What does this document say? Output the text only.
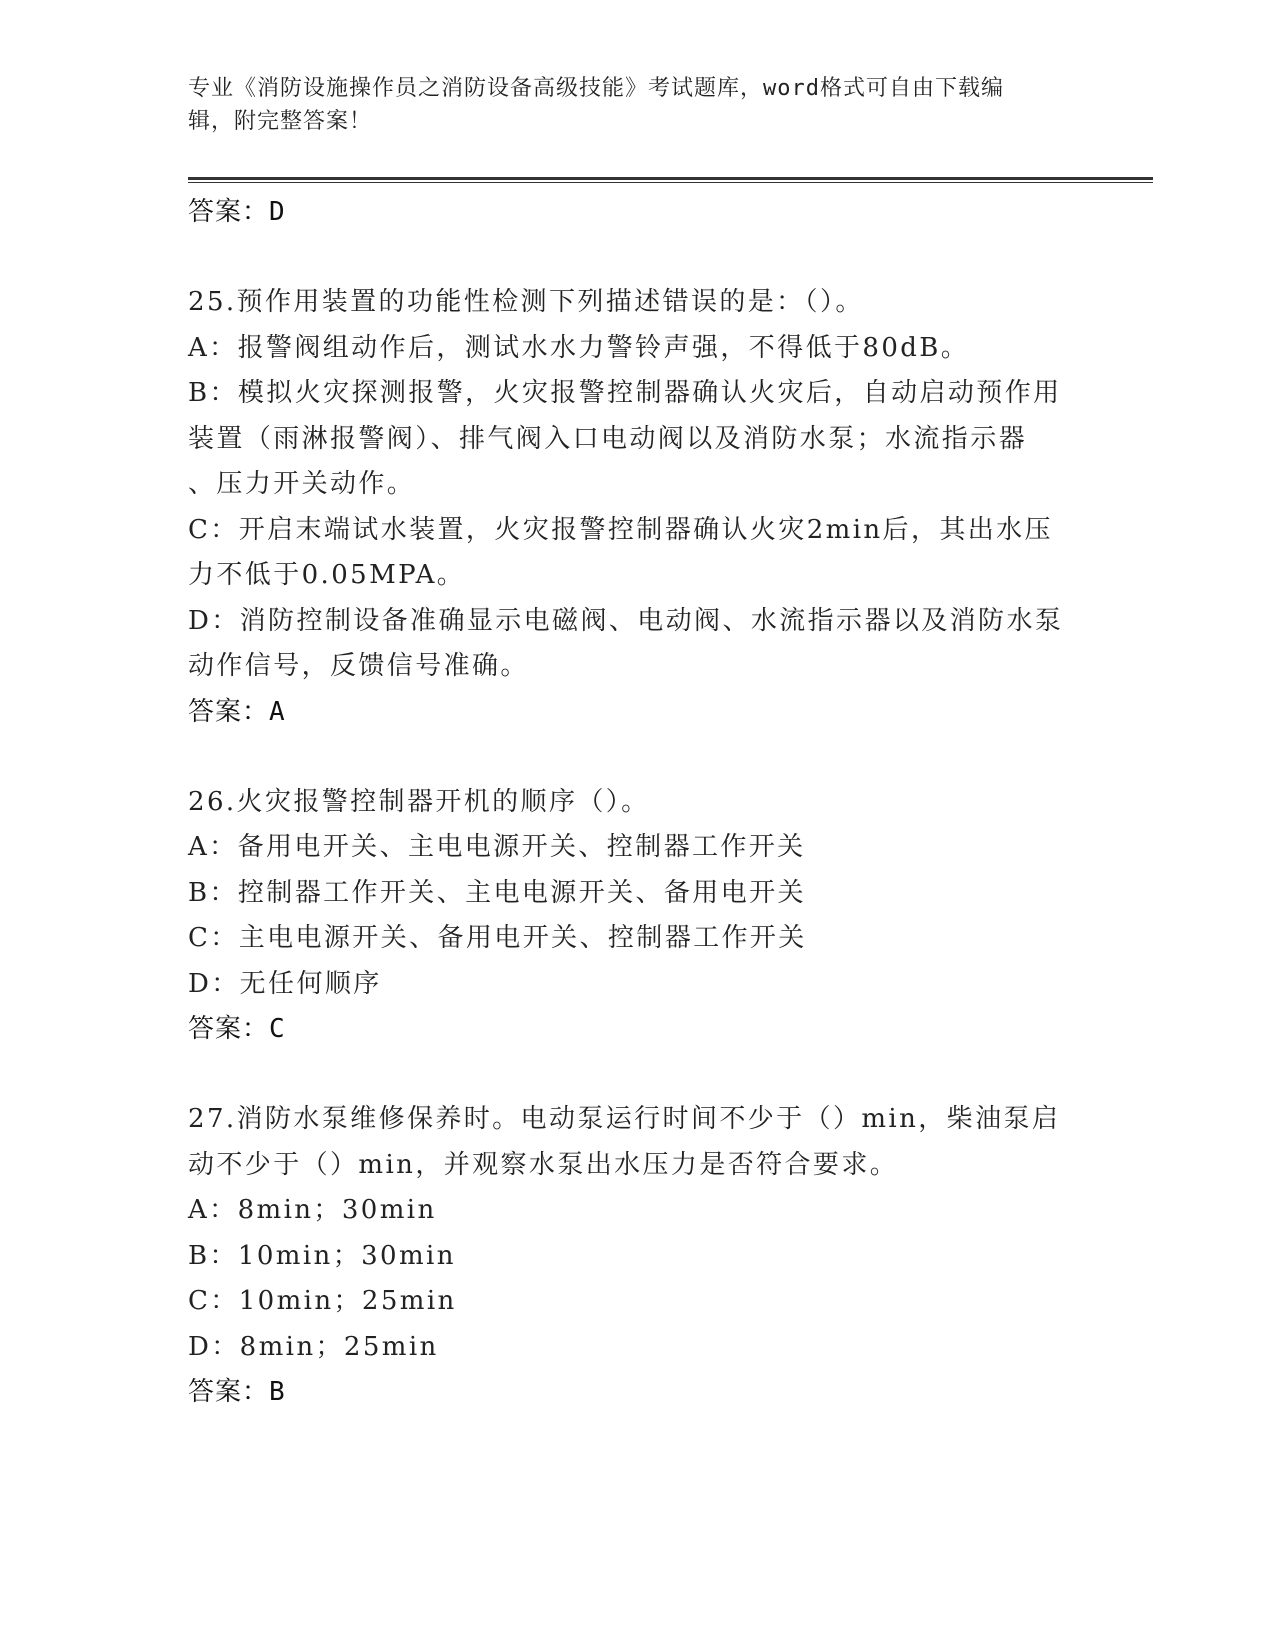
专业《消防设施操作员之消防设备高级技能》考试题库，word格式可自由下载编
辑，附完整答案！
答案：D
25.预作用装置的功能性检测下列描述错误的是：（）。
A：报警阀组动作后，测试水水力警铃声强，不得低于80dB。
B：模拟火灾探测报警，火灾报警控制器确认火灾后，自动启动预作用
装置（雨淋报警阀）、排气阀入口电动阀以及消防水泵；水流指示器
、压力开关动作。
C：开启末端试水装置，火灾报警控制器确认火灾2min后，其出水压
力不低于0.05MPA。
D：消防控制设备准确显示电磁阀、电动阀、水流指示器以及消防水泵
动作信号，反馈信号准确。
答案：A
26.火灾报警控制器开机的顺序（）。
A：备用电开关、主电电源开关、控制器工作开关
B：控制器工作开关、主电电源开关、备用电开关
C：主电电源开关、备用电开关、控制器工作开关
D：无任何顺序
答案：C
27.消防水泵维修保养时。电动泵运行时间不少于（）min，柴油泵启
动不少于（）min，并观察水泵出水压力是否符合要求。
A：8min；30min
B：10min；30min
C：10min；25min
D：8min；25min
答案：B
